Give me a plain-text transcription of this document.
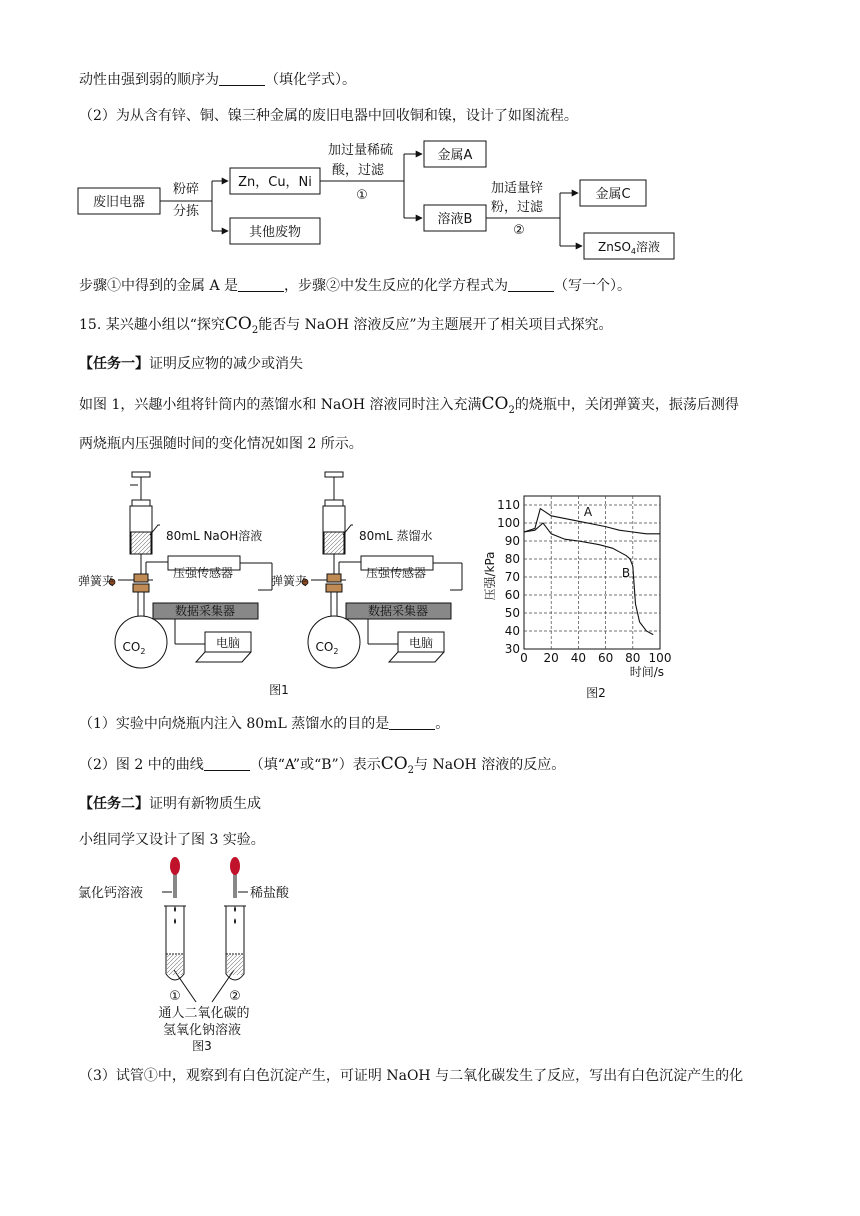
动性由强到弱的顺序为	（填化学式）。
（2）为从含有锌、铜、镍三种金属的废旧电器中回收铜和镍，设计了如图流程。
废旧电器
粉碎
分拣
Zn，Cu，Ni
其他废物
加过量稀硫
酸，过滤
①
金属A
溶液B
加适量锌
粉，过滤
②
金属C
ZnSO$_4$溶液
步骤①中得到的金属 A 是	，步骤②中发生反应的化学方程式为	（写一个）。
15. 某兴趣小组以“探究$CO_2$能否与 NaOH 溶液反应”为主题展开了相关项目式探究。
【任务一】证明反应物的减少或消失
如图 1，兴趣小组将针筒内的蒸馏水和 NaOH 溶液同时注入充满$CO_2$的烧瓶中，关闭弹簧夹，振荡后测得
两烧瓶内压强随时间的变化情况如图 2 所示。
80mL NaOH溶液
弹簧夹
压强传感器
数据采集器
电脑
$CO_2$
80mL 蒸馏水
弹簧夹
压强传感器
数据采集器
电脑
$CO_2$
图1
0 20 40 60 80 100
30
40
50
60
70
80
90
100
110	A
B
压强/kPa
时间/s
图2
（1）实验中向烧瓶内注入 80mL 蒸馏水的目的是	。
（2）图 2 中的曲线	（填“A”或“B”）表示$CO_2$与 NaOH 溶液的反应。
【任务二】证明有新物质生成
小组同学又设计了图 3 实验。
氯化钙溶液	稀盐酸
①	②
通人二氧化碳的
氢氧化钠溶液
图3
（3）试管①中，观察到有白色沉淀产生，可证明 NaOH 与二氧化碳发生了反应，写出有白色沉淀产生的化
